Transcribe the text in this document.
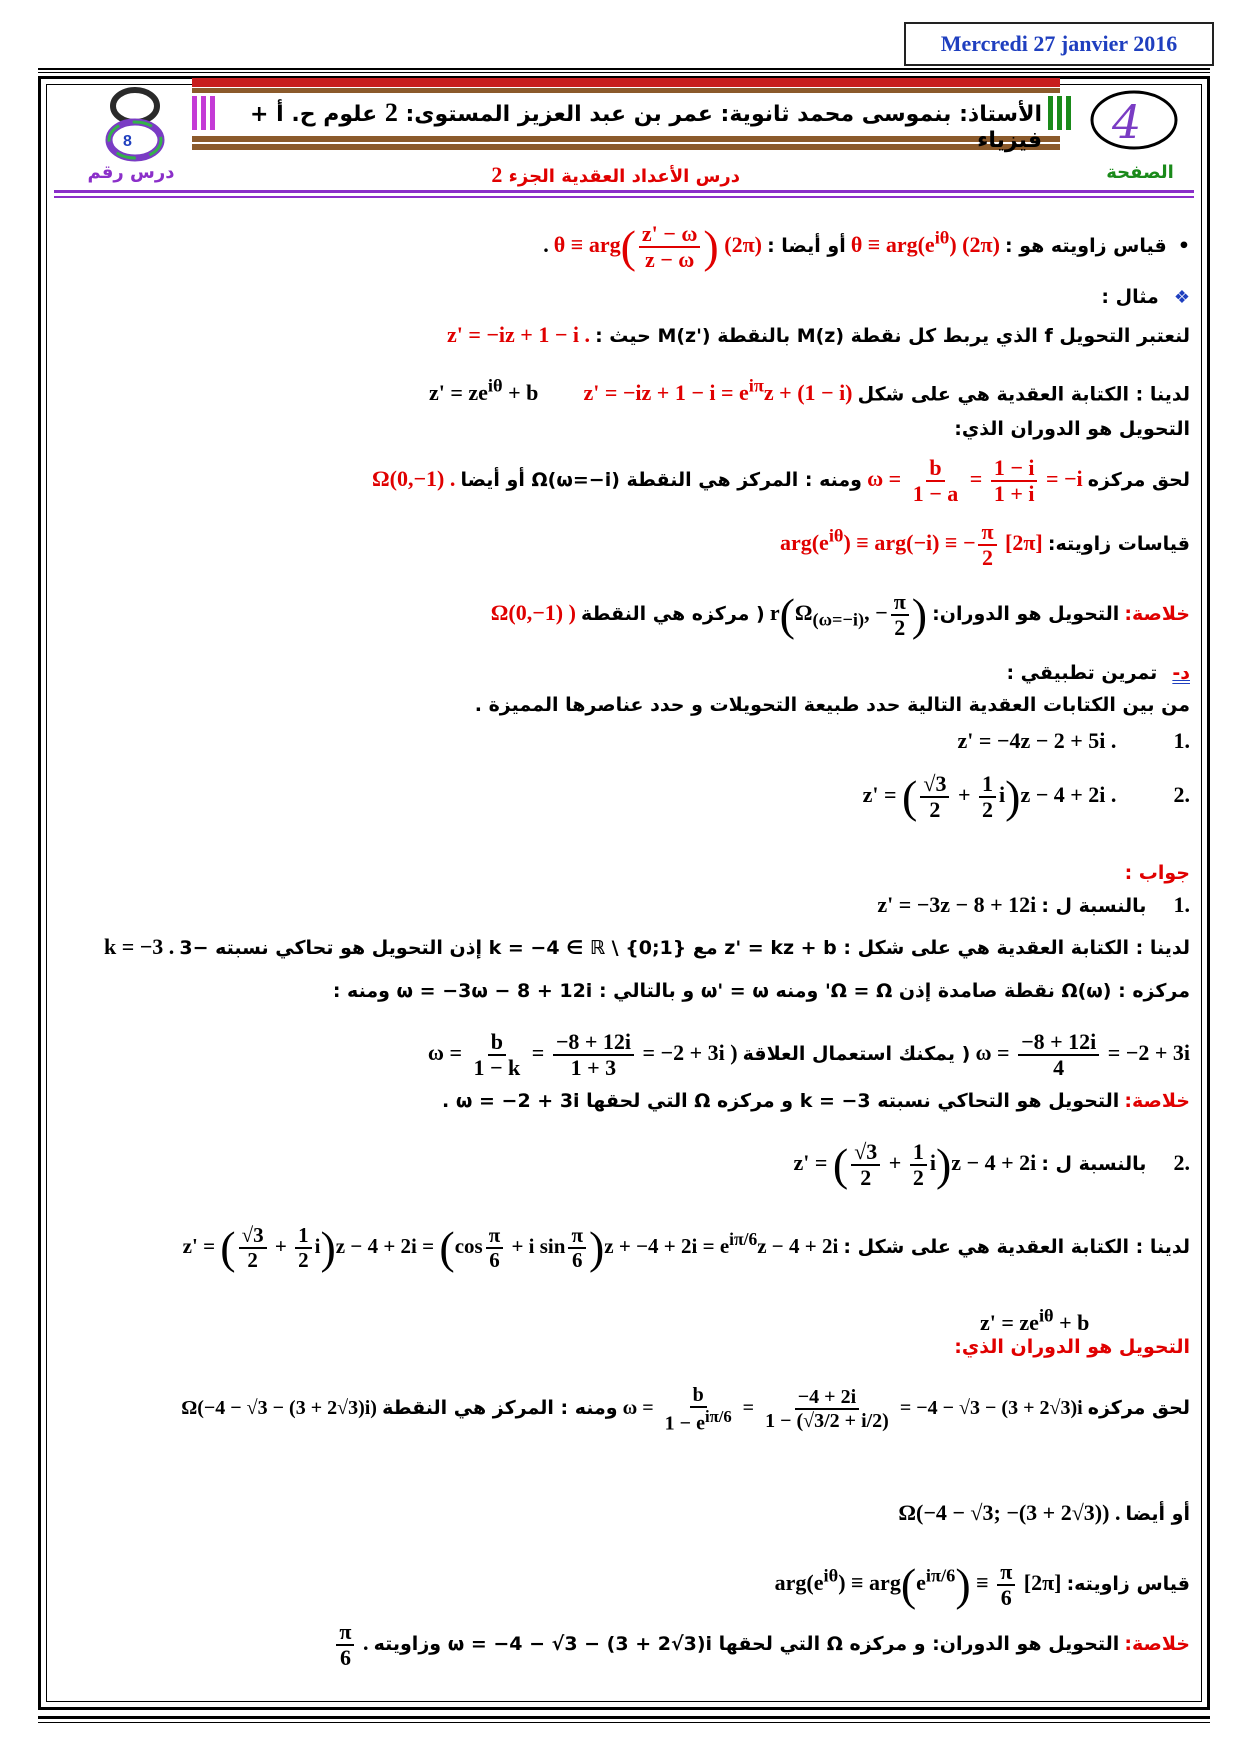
Mercredi 27 janvier 2016
8
درس رقم
4
الصفحة
الأستاذ: بنموسى محمد ثانوية: عمر بن عبد العزيز المستوى: 2 علوم ح. أ + فيزياء
درس الأعداد العقدية الجزء 2
• قياس زاويته هو : $\theta \equiv arg(e^{i\theta})$ (2π) أو أيضا : $\theta \equiv arg( \frac{z' - \omega}{z - \omega}$ ) (2π) .
❖ مثال :
لنعتبر التحويل f الذي يربط كل نقطة M(z) بالنقطة M(z') حيث : z' = −iz + 1 − i .
لدينا : الكتابة العقدية هي على شكل $z' = -iz + 1 - i = e^{i\pi}z + (1 - i) z' = ze^{i\theta} + b$
التحويل هو الدوران الذي:
لحق مركزه $\omega = \frac{b}{1 - a} = \frac{1 - i}{1 + i} = -i$ ومنه : المركز هي النقطة Ω(ω=−i) أو أيضا Ω(0,−1) .
قياسات زاويته: $arg(e^{i\theta}) \equiv arg(-i)$ ≡ − $\frac{\pi}{2} [2\pi]$
خلاصة: التحويل هو الدوران: $r(\Omega_{(\omega=-i)}$, − $\frac{\pi}{2}$ ) ( مركزه هي النقطة Ω(0,−1) )
د- تمرين تطبيقي :
من بين الكتابات العقدية التالية حدد طبيعة التحويلات و حدد عناصرها المميزة .
.1 z' = −4z − 2 + 5i .
.2 z' = ( $\frac{√3}{2} + \frac{1}{2} i)z - 4 + 2i$ .
جواب :
.1 بالنسبة ل : z' = −3z − 8 + 12i
لدينا : الكتابة العقدية هي على شكل : z' = kz + b مع k = −4 ∈ ℝ \ {0;1} إذن التحويل هو تحاكي نسبته −3 k = −3 .
مركزه : Ω(ω) نقطة صامدة إذن Ω = Ω' ومنه ω' = ω و بالتالي : ω = −3ω − 8 + 12i ومنه :
$\omega = \frac{-8 + 12i}{4} = -2 + 3i$ ( يمكنك استعمال العلاقة $\omega = \frac{b}{1 - k} = \frac{-8 + 12i}{1 + 3} = -2 + 3i$ )
خلاصة: التحويل هو التحاكي نسبته k = −3 و مركزه Ω التي لحقها ω = −2 + 3i .
.2 بالنسبة ل : z' = ( $\frac{√3}{2} + \frac{1}{2} i)z - 4 + 2i$
لدينا : الكتابة العقدية هي على شكل : z' = ( $\frac{√3}{2} + \frac{1}{2} i)z - 4 + 2i = (\cos \frac{\pi}{6} + i$ $\sin \frac{\pi}{6} )z + -4 + 2i = e^{i\pi/6}z - 4 + 2i$
$z' = ze^{i\theta} + b$
التحويل هو الدوران الذي:
لحق مركزه $\omega = \frac{b}{1 - e^{i\pi/6}} = \frac{-4 + 2i}{1 - (√3/2 + i/2)} = -4 - √3 - (3 + 2√3)i$ ومنه : المركز هي النقطة Ω(−4 − √3 − (3 + 2√3)i)
أو أيضا Ω(−4 − √3; −(3 + 2√3)) .
قياس زاويته: $arg(e^{i\theta}) \equiv arg(e^{i\pi/6}) \equiv \frac{\pi}{6} [2\pi]$
خلاصة: التحويل هو الدوران: و مركزه Ω التي لحقها ω = −4 − √3 − (3 + 2√3)i وزاويته
$\frac{\pi}{6}$ .
